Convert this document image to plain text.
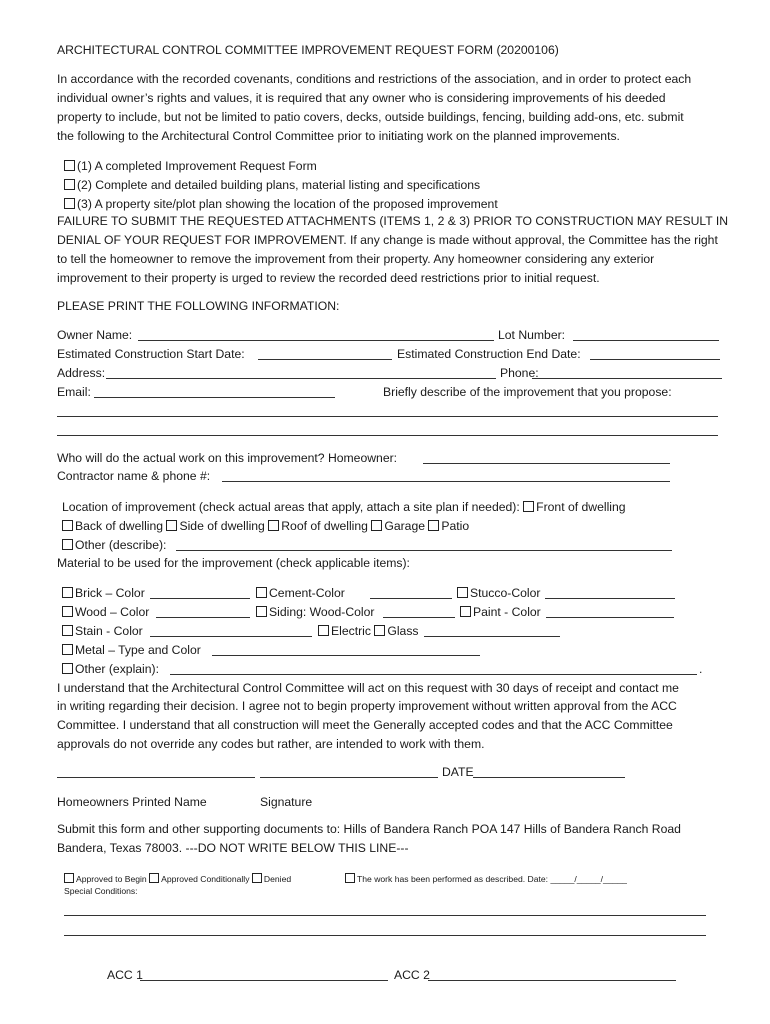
ARCHITECTURAL CONTROL COMMITTEE IMPROVEMENT REQUEST FORM (20200106)
In accordance with the recorded covenants, conditions and restrictions of the association, and in order to protect each
individual owner’s rights and values, it is required that any owner who is considering improvements of his deeded
property to include, but not be limited to patio covers, decks, outside buildings, fencing, building add-ons, etc. submit
the following to the Architectural Control Committee prior to initiating work on the planned improvements.
(1) A completed Improvement Request Form
(2) Complete and detailed building plans, material listing and specifications
(3) A property site/plot plan showing the location of the proposed improvement
FAILURE TO SUBMIT THE REQUESTED ATTACHMENTS (ITEMS 1, 2 & 3) PRIOR TO CONSTRUCTION MAY RESULT IN
DENIAL OF YOUR REQUEST FOR IMPROVEMENT. If any change is made without approval, the Committee has the right
to tell the homeowner to remove the improvement from their property. Any homeowner considering any exterior
improvement to their property is urged to review the recorded deed restrictions prior to initial request.
PLEASE PRINT THE FOLLOWING INFORMATION:
Owner Name:	Lot Number:
Estimated Construction Start Date:	Estimated Construction End Date:
Address:	Phone:
Email:	Briefly describe of the improvement that you propose:
Who will do the actual work on this improvement? Homeowner:
Contractor name & phone #:
Location of improvement (check actual areas that apply, attach a site plan if needed): Front of dwelling
Back of dwelling Side of dwelling Roof of dwelling Garage Patio
Other (describe):
Material to be used for the improvement (check applicable items):
Brick – Color	Cement-Color	Stucco-Color
Wood – Color	Siding: Wood-Color	Paint - Color
Stain - Color	Electric Glass
Metal – Type and Color
Other (explain):	.
I understand that the Architectural Control Committee will act on this request with 30 days of receipt and contact me
in writing regarding their decision. I agree not to begin property improvement without written approval from the ACC
Committee. I understand that all construction will meet the Generally accepted codes and that the ACC Committee
approvals do not override any codes but rather, are intended to work with them.
DATE
Homeowners Printed Name	Signature
Submit this form and other supporting documents to: Hills of Bandera Ranch POA 147 Hills of Bandera Ranch Road
Bandera, Texas 78003. ---DO NOT WRITE BELOW THIS LINE---
Approved to Begin Approved Conditionally Denied	The work has been performed as described. Date: _____/_____/_____
Special Conditions:
ACC 1	ACC 2
